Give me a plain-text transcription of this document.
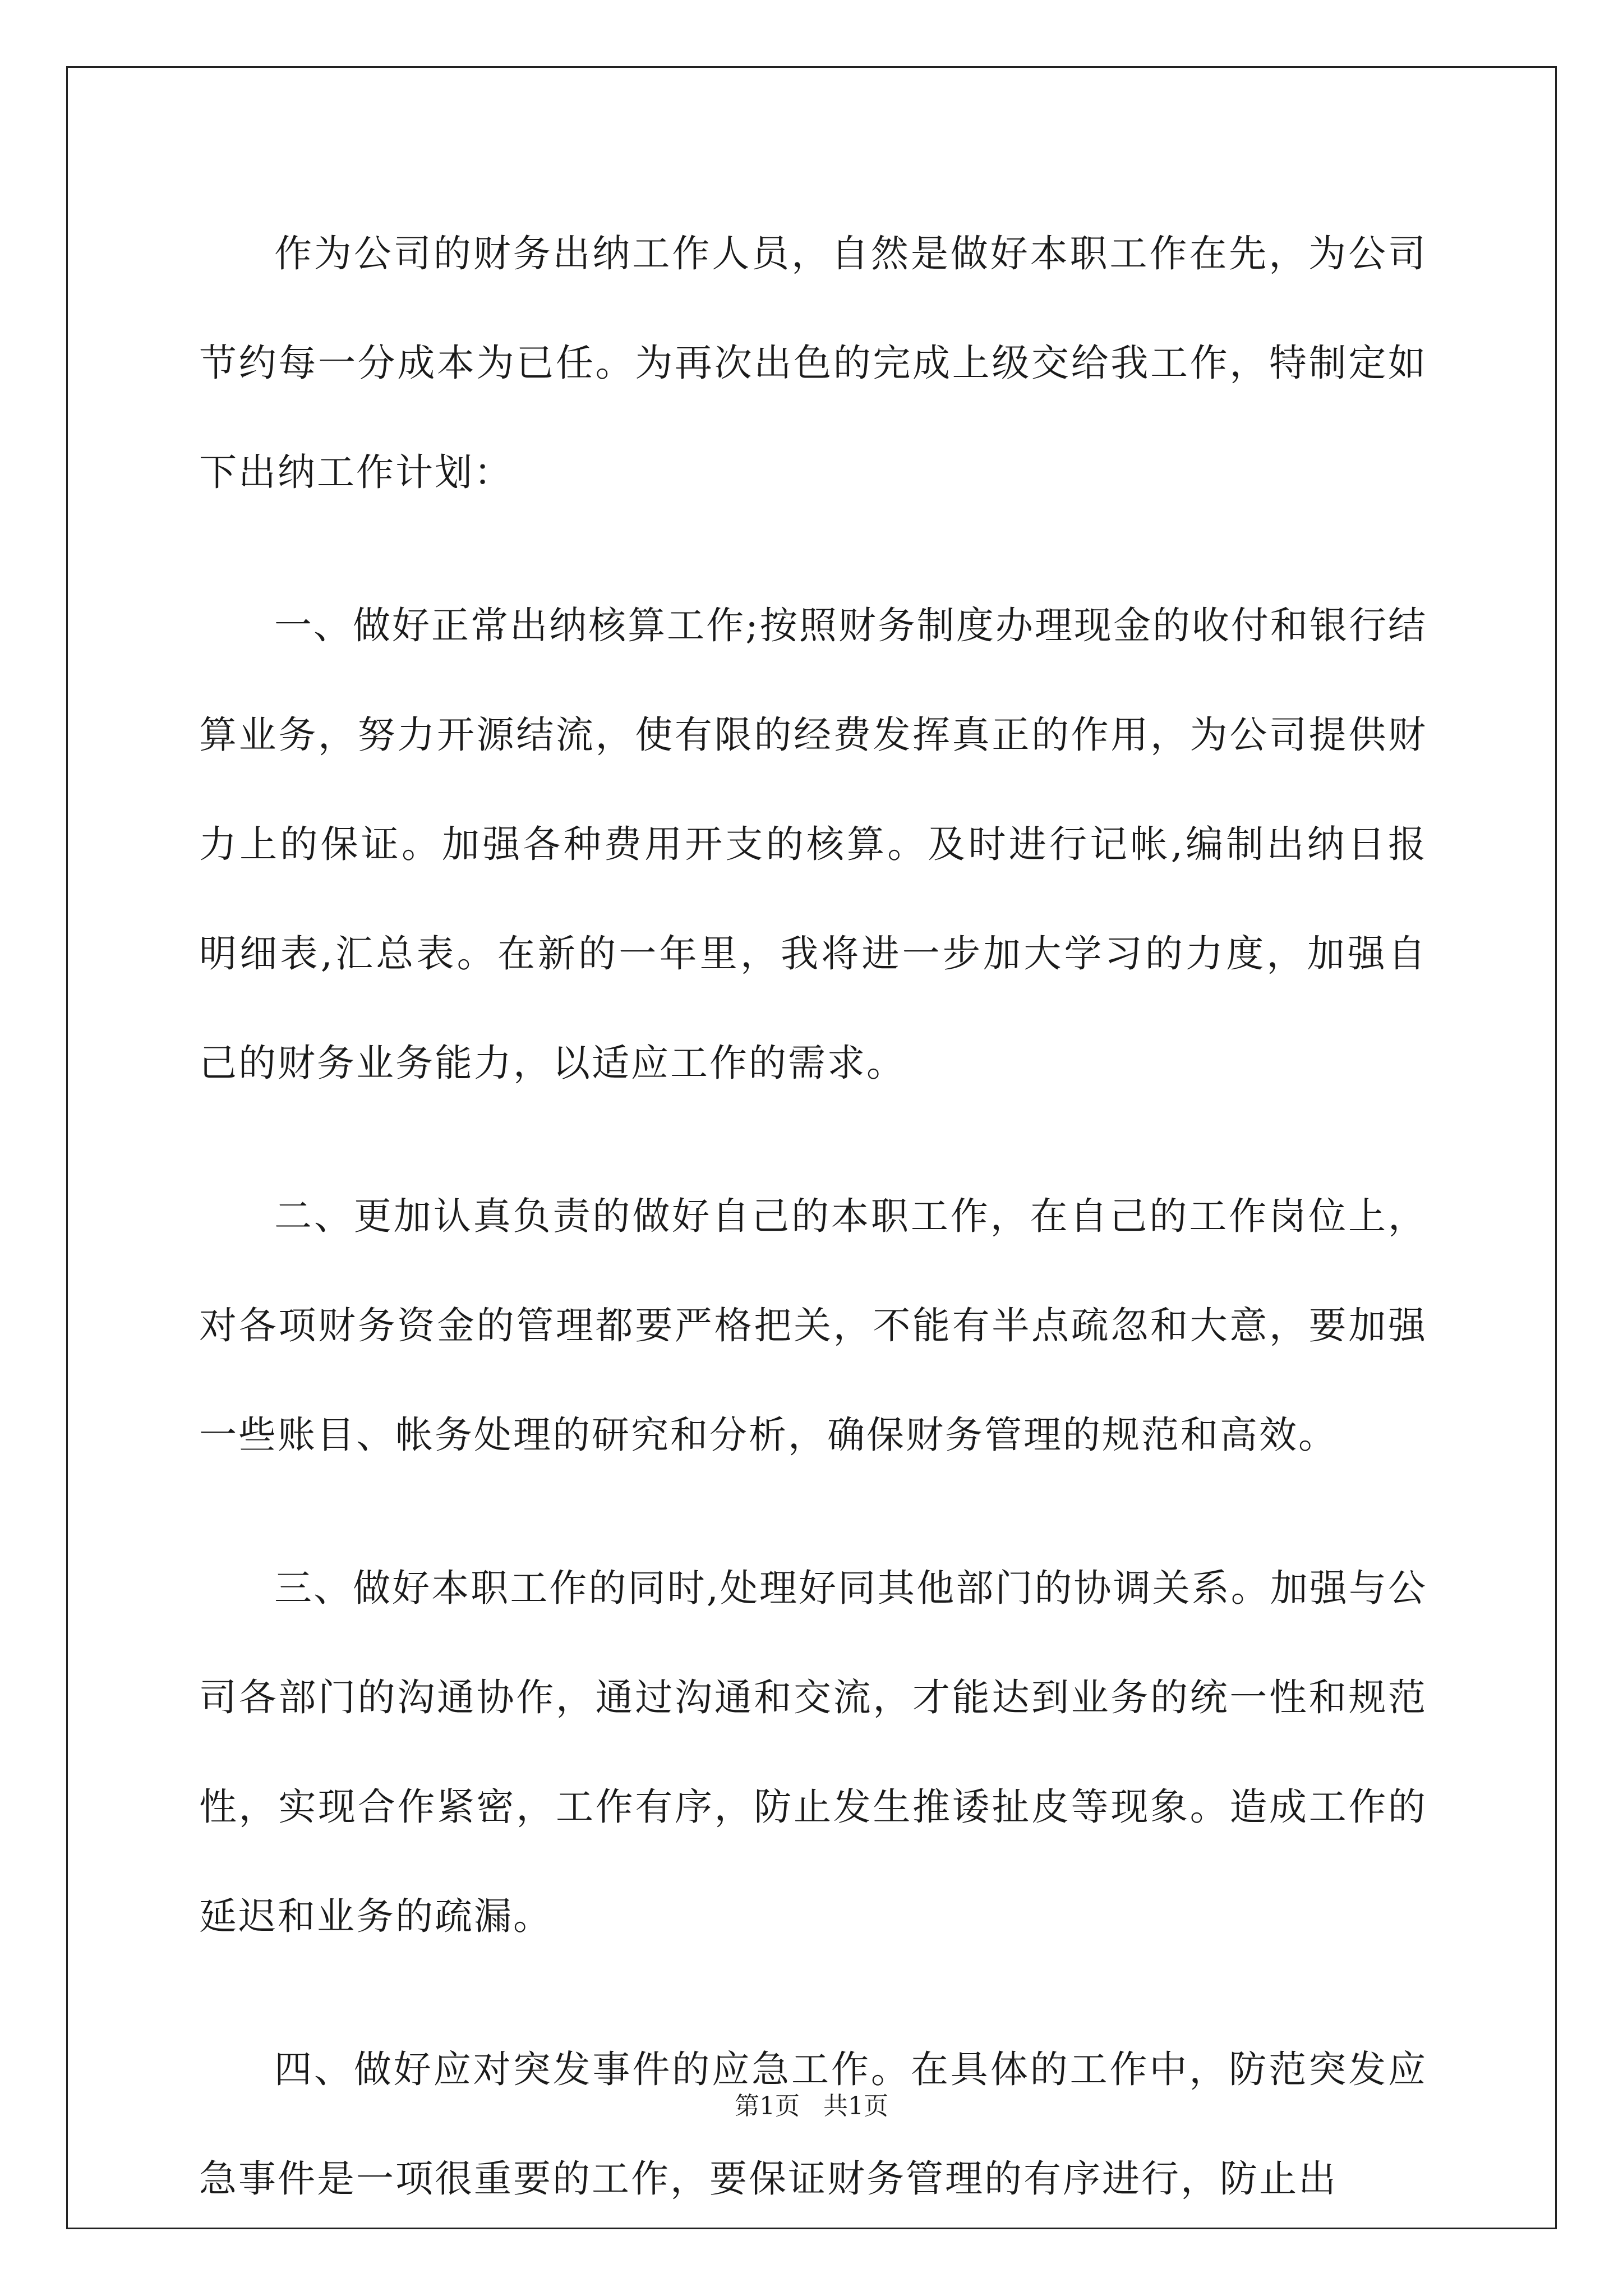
作为公司的财务出纳工作人员，自然是做好本职工作在先，为公司节约每一分成本为已任。为再次出色的完成上级交给我工作，特制定如下出纳工作计划：

一、做好正常出纳核算工作;按照财务制度办理现金的收付和银行结算业务，努力开源结流，使有限的经费发挥真正的作用，为公司提供财力上的保证。加强各种费用开支的核算。及时进行记帐,编制出纳日报明细表,汇总表。在新的一年里，我将进一步加大学习的力度，加强自己的财务业务能力，以适应工作的需求。

二、更加认真负责的做好自己的本职工作，在自己的工作岗位上，对各项财务资金的管理都要严格把关，不能有半点疏忽和大意，要加强一些账目、帐务处理的研究和分析，确保财务管理的规范和高效。

三、做好本职工作的同时,处理好同其他部门的协调关系。加强与公司各部门的沟通协作，通过沟通和交流，才能达到业务的统一性和规范性，实现合作紧密，工作有序，防止发生推诿扯皮等现象。造成工作的延迟和业务的疏漏。

四、做好应对突发事件的应急工作。在具体的工作中，防范突发应急事件是一项很重要的工作，要保证财务管理的有序进行，防止出

第1页   共1页
